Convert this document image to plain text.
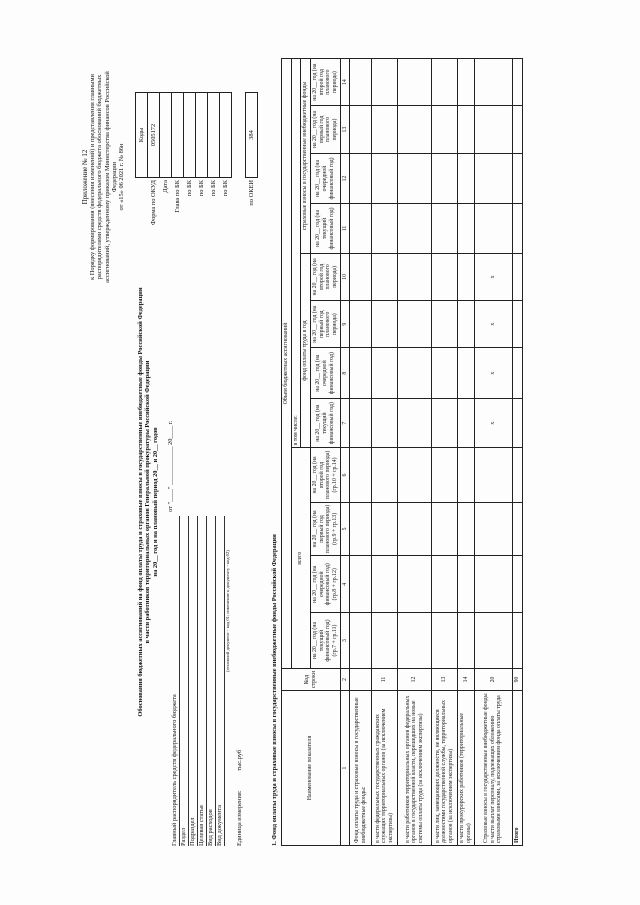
Приложение № 12 к Порядку формирования (внесения изменений) и представления главными распорядителями средств федерального бюджета обоснований бюджетных ассигнований, утвержденному приказом Министерства финансов Российской Федерации от «15» 06 2021 г. № 86н
Обоснования бюджетных ассигнований на фонд оплаты труда и страховые взносы в государственные внебюджетные фонды Российской Федерации в части работников территориальных органов Генеральной прокуратуры Российской Федерации на 20__ год и на плановый период 20__ и 20__ годов от "____" ____________ 20____ г.
Главный распорядитель средств федерального бюджета Раздел Подраздел Целевая статья Вид расходов Вид документа
(основной документ - код 01; изменение к документу - код 02)
Единица измерения: тыс.руб
	Коды
Форма по ОКУД	0505172
Дата	
Глава по БК	
по БК	
по БК	
по БК	
по БК	

по ОКЕИ	384
1. Фонд оплаты труда и страховые взносы в государственные внебюджетные фонды Российской Федерации	Наименование показателя	Код строки	Объем бюджетных ассигнований											
		всего				в том числе:							
						фонд оплаты труда в год				страховые взносы в государственные внебюджетные фонды			
		на 20__ год (на текущий финансовый год) (гр.7 + гр.11)	на 20__ год (на очередной финансовый год) (гр.8 + гр.12)	на 20__ год (на первый год планового периода) (гр.9 + гр.13)	на 20__ год (на второй год планового периода) (гр.10 + гр.14)	на 20__ год (на текущий финансовый год)	на 20__ год (на очередной финансовый год)	на 20__ год (на первый год планового периода)	на 20__ год (на второй год планового периода)	на 20__ год (на текущий финансовый год)	на 20__ год (на очередной финансовый год)	на 20__ год (на первый год планового периода)	на 20__ год (на второй год планового периода)
1	2	3	4	5	6	7	8	9	10	11	12	13	14
Фонд оплаты труда и страховые взносы в государственные внебюджетные фонды:													
в части федеральных государственных гражданских служащих территориальных органов (за исключением экспертизы)	11												
в части работников территориальных органов федеральных органов в государственной власти, перешедших на новые системы оплаты труда (за исключением экспертизы)	12												
в части лиц, замещающих должности, не являющиеся должностями государственной службы, территориальных органов (за исключением экспертизы)	13												
в части прокурорских работников (территориальные органы)	14												
Страховые взносы в государственные внебюджетные фонды в части выплат персоналу, подлежащих обложению страховыми взносами, за исключением фонда оплаты труда	20					x	x	x	x				
Итого	90												
